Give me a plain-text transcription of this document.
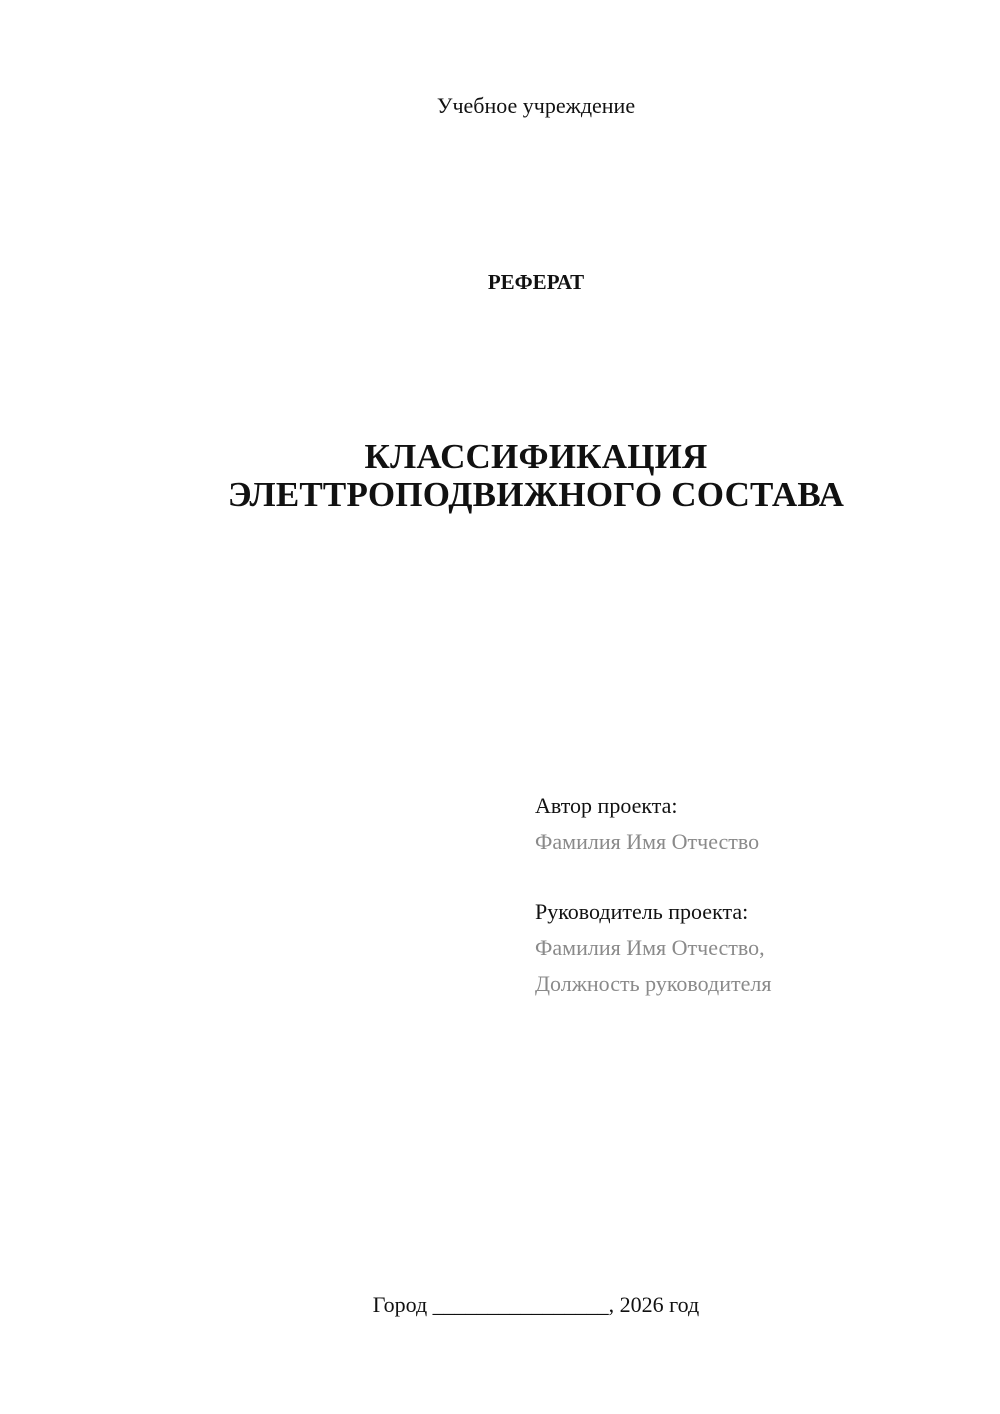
Учебное учреждение
РЕФЕРАТ
КЛАССИФИКАЦИЯ
ЭЛЕТТРОПОДВИЖНОГО СОСТАВА
Автор проекта:
Фамилия Имя Отчество
Руководитель проекта:
Фамилия Имя Отчество,
Должность руководителя
Город ________________, 2026 год
